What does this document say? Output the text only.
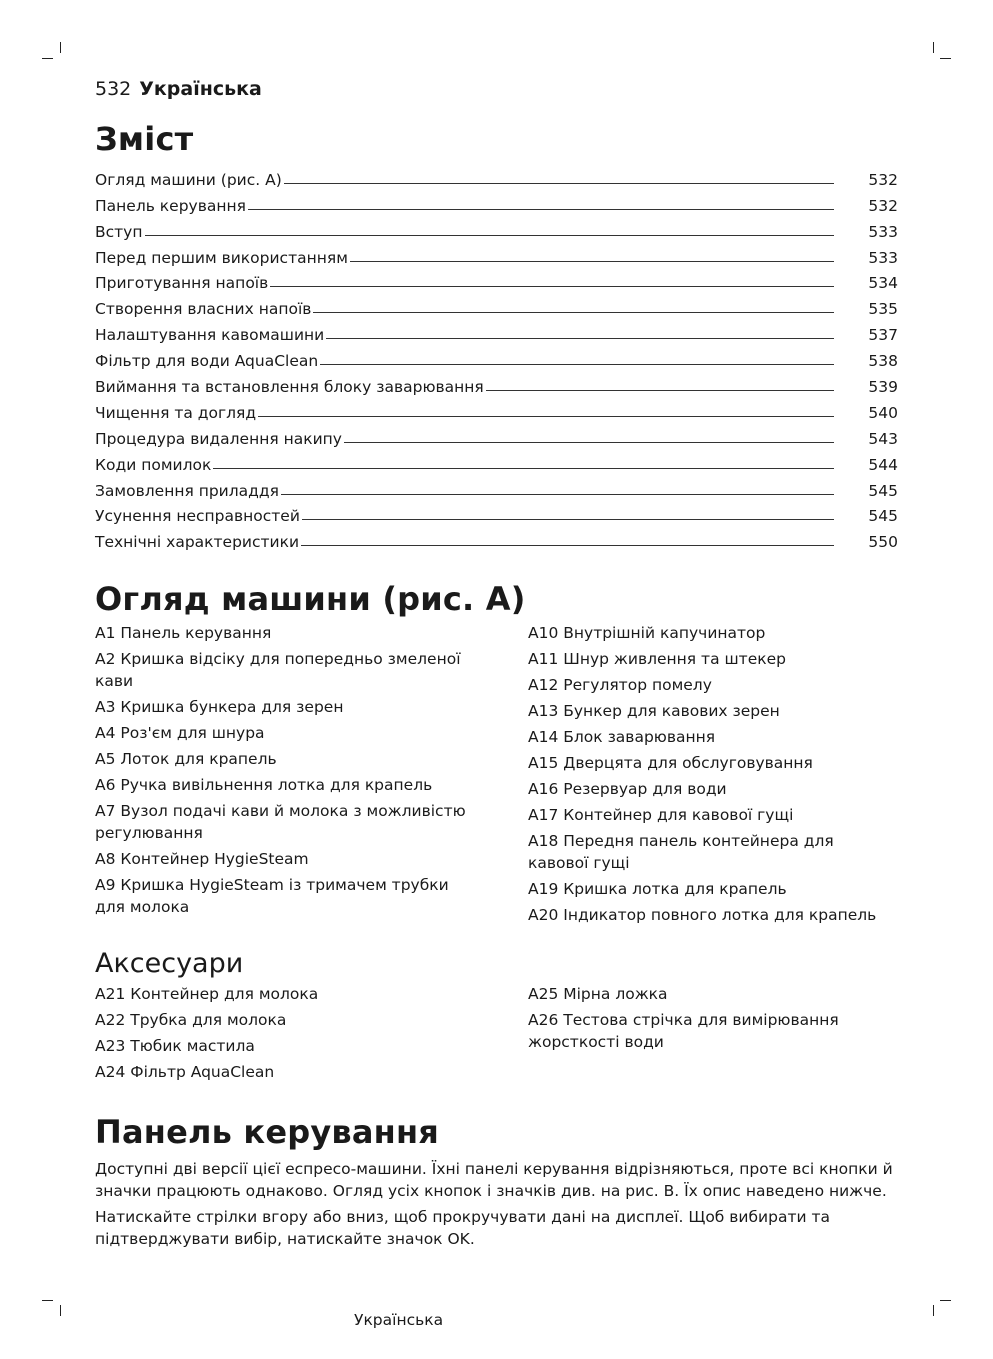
532 Українська
Зміст
Огляд машини (рис. A)	532
Панель керування	532
Вступ	533
Перед першим використанням	533
Приготування напоїв	534
Створення власних напоїв	535
Налаштування кавомашини	537
Фільтр для води AquaClean	538
Виймання та встановлення блоку заварювання	539
Чищення та догляд	540
Процедура видалення накипу	543
Коди помилок	544
Замовлення приладдя	545
Усунення несправностей	545
Технічні характеристики	550
Огляд машини (рис. A)
A1 Панель керування
A2 Кришка відсіку для попередньо змеленої кави
A3 Кришка бункера для зерен
A4 Роз'єм для шнура
A5 Лоток для крапель
A6 Ручка вивільнення лотка для крапель
A7 Вузол подачі кави й молока з можливістю регулювання
A8 Контейнер HygieSteam
A9 Кришка HygieSteam із тримачем трубки для молока
A10 Внутрішній капучинатор
A11 Шнур живлення та штекер
A12 Регулятор помелу
A13 Бункер для кавових зерен
A14 Блок заварювання
A15 Дверцята для обслуговування
A16 Резервуар для води
A17 Контейнер для кавової гущі
A18 Передня панель контейнера для кавової гущі
A19 Кришка лотка для крапель
A20 Індикатор повного лотка для крапель
Аксесуари
A21 Контейнер для молока
A22 Трубка для молока
A23 Тюбик мастила
A24 Фільтр AquaClean
A25 Мірна ложка
A26 Тестова стрічка для вимірювання жорсткості води
Панель керування

Доступні дві версії цієї еспресо-машини. Їхні панелі керування відрізняються, проте всі кнопки й значки працюють однаково. Огляд усіх кнопок і значків див. на рис. B. Їх опис наведено нижче.

Натискайте стрілки вгору або вниз, щоб прокручувати дані на дисплеї. Щоб вибирати та підтверджувати вибір, натискайте значок OK.

Українська
